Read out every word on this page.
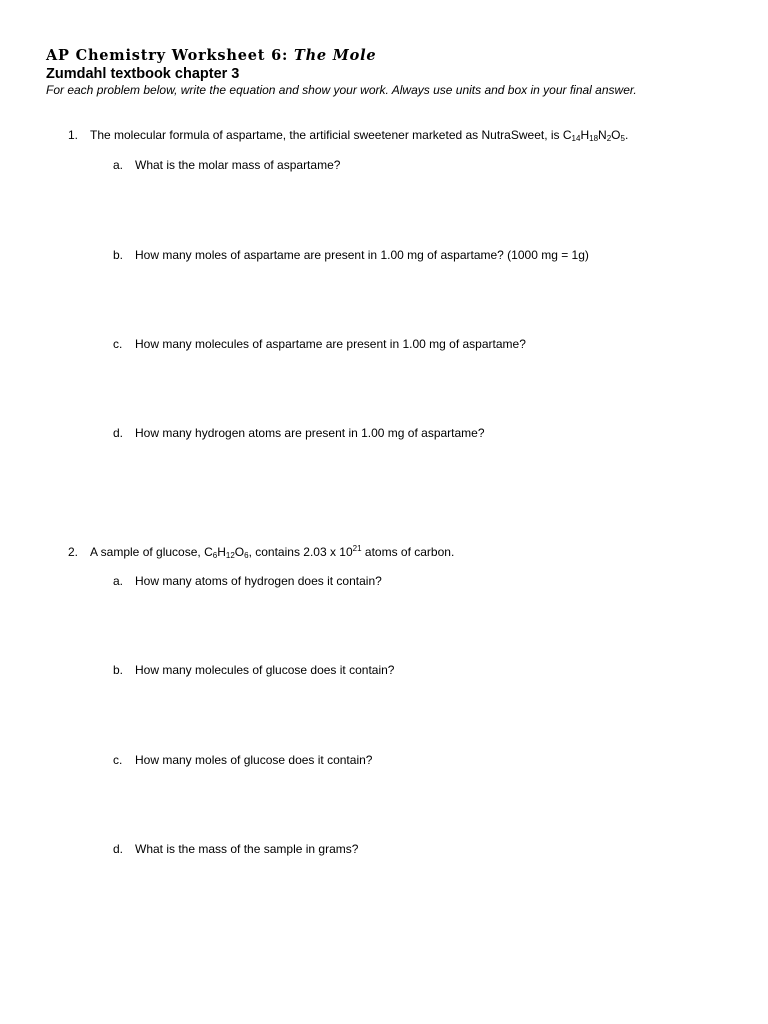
AP Chemistry Worksheet 6: The Mole
Zumdahl textbook chapter 3
For each problem below, write the equation and show your work. Always use units and box in your final answer.
1. The molecular formula of aspartame, the artificial sweetener marketed as NutraSweet, is $C_{14}H_{18}N_2O_5$.
a. What is the molar mass of aspartame?
b. How many moles of aspartame are present in 1.00 mg of aspartame? (1000 mg = 1g)
c. How many molecules of aspartame are present in 1.00 mg of aspartame?
d. How many hydrogen atoms are present in 1.00 mg of aspartame?
2. A sample of glucose, $C_6H_{12}O_6$, contains 2.03 x $10^{21}$ atoms of carbon.
a. How many atoms of hydrogen does it contain?
b. How many molecules of glucose does it contain?
c. How many moles of glucose does it contain?
d. What is the mass of the sample in grams?
